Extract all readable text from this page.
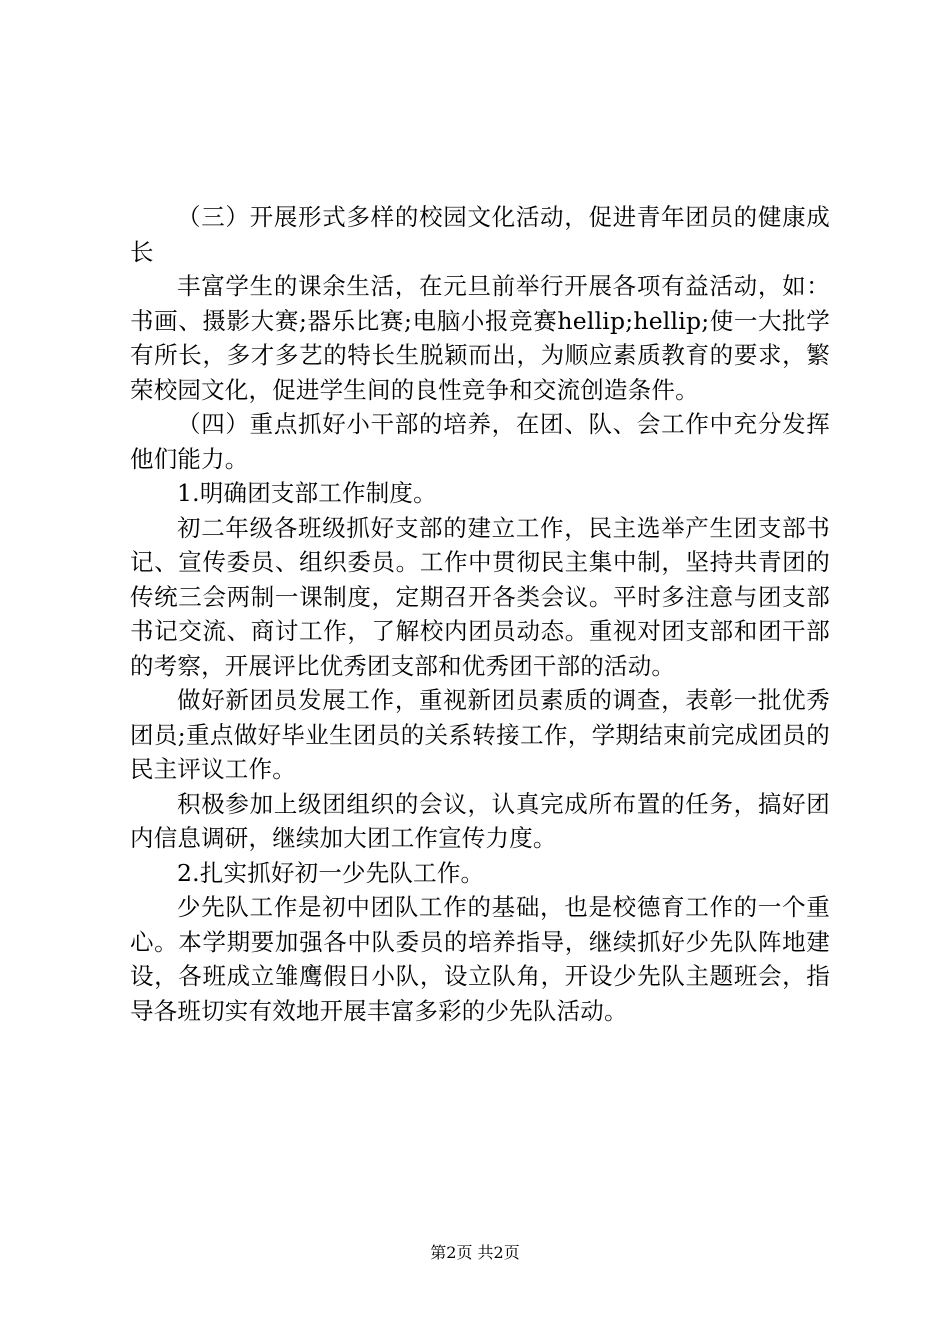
（三）开展形式多样的校园文化活动，促进青年团员的健康成长

丰富学生的课余生活，在元旦前举行开展各项有益活动，如：书画、摄影大赛;器乐比赛;电脑小报竞赛hellip;hellip;使一大批学有所长，多才多艺的特长生脱颖而出，为顺应素质教育的要求，繁荣校园文化，促进学生间的良性竞争和交流创造条件。

（四）重点抓好小干部的培养，在团、队、会工作中充分发挥他们能力。

1.明确团支部工作制度。

初二年级各班级抓好支部的建立工作，民主选举产生团支部书记、宣传委员、组织委员。工作中贯彻民主集中制，坚持共青团的传统三会两制一课制度，定期召开各类会议。平时多注意与团支部书记交流、商讨工作，了解校内团员动态。重视对团支部和团干部的考察，开展评比优秀团支部和优秀团干部的活动。

做好新团员发展工作，重视新团员素质的调查，表彰一批优秀团员;重点做好毕业生团员的关系转接工作，学期结束前完成团员的民主评议工作。

积极参加上级团组织的会议，认真完成所布置的任务，搞好团内信息调研，继续加大团工作宣传力度。

2.扎实抓好初一少先队工作。

少先队工作是初中团队工作的基础，也是校德育工作的一个重心。本学期要加强各中队委员的培养指导，继续抓好少先队阵地建设，各班成立雏鹰假日小队，设立队角，开设少先队主题班会，指导各班切实有效地开展丰富多彩的少先队活动。

第2页 共2页
